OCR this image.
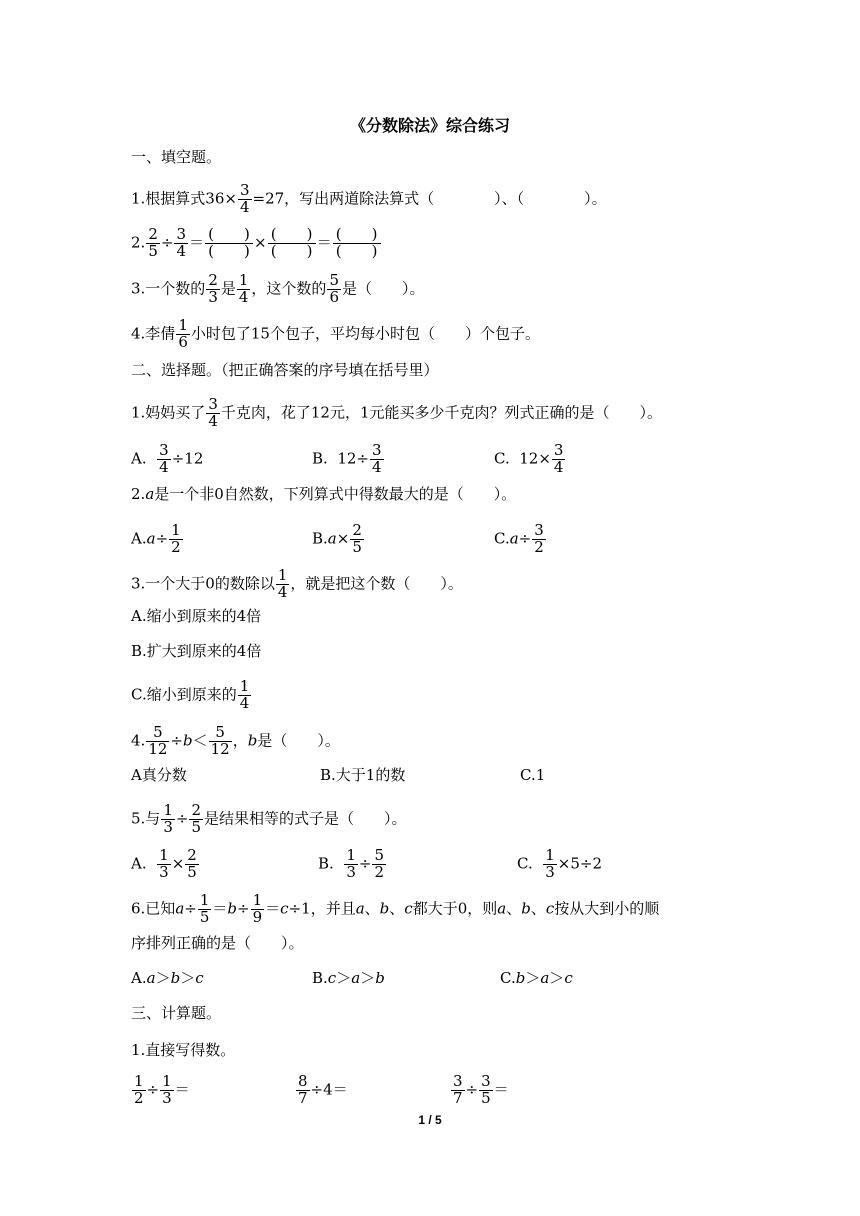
《分数除法》综合练习
一、填空题。
1.根据算式$36\times \frac{3}{4} =27$，写出两道除法算式（　　　　）、（　　　　）。
2. $\frac{2}{5} \div \frac{3}{4} = \frac{( )}{( )} \times \frac{( )}{( )} = \frac{( )}{( )}$
3.一个数的 $\frac{2}{3}$ 是 $\frac{1}{4}$ ，这个数的 $\frac{5}{6}$ 是（　　）。
4.李倩 $\frac{1}{6}$ 小时包了15个包子，平均每小时包（　　）个包子。
二、选择题。（把正确答案的序号填在括号里）
1.妈妈买了 $\frac{3}{4}$ 千克肉，花了12元，1元能买多少千克肉？列式正确的是（　　）。
A. $\frac{3}{4} \div 12$	B.  $12\div \frac{3}{4}$	C.  $12\times \frac{3}{4}$
2.a是一个非0自然数，下列算式中得数最大的是（　　）。
$A.a\div \frac{1}{2}$	$B.a\times \frac{2}{5}$	$C.a\div \frac{3}{2}$
3.一个大于0的数除以 $\frac{1}{4}$ ，就是把这个数（　　）。
A.缩小到原来的4倍
B.扩大到原来的4倍
C.缩小到原来的 $\frac{1}{4}$
4. $\frac{5}{12} \div b< \frac{5}{12}$ ，b是（　　）。
A真分数	B.大于1的数	C.1
5.与 $\frac{1}{3} \div \frac{2}{5}$ 是结果相等的式子是（　　）。
A. $\frac{1}{3} \times \frac{2}{5}$	B. $\frac{1}{3} \div \frac{5}{2}$	C. $\frac{1}{3} \times 5\div 2$
6.已知$a\div \frac{1}{5} =b\div \frac{1}{9} =c\div 1$，并且a、b、c都大于0，则a、b、c按从大到小的顺
序排列正确的是（　　）。
A.a＞b＞c	B.c＞a＞b	C.b＞a＞c
三、计算题。
1.直接写得数。
$\frac{1}{2} \div \frac{1}{3}$ ＝	$\frac{8}{7} \div 4=$	$\frac{3}{7} \div \frac{3}{5}$ ＝
1 / 5
